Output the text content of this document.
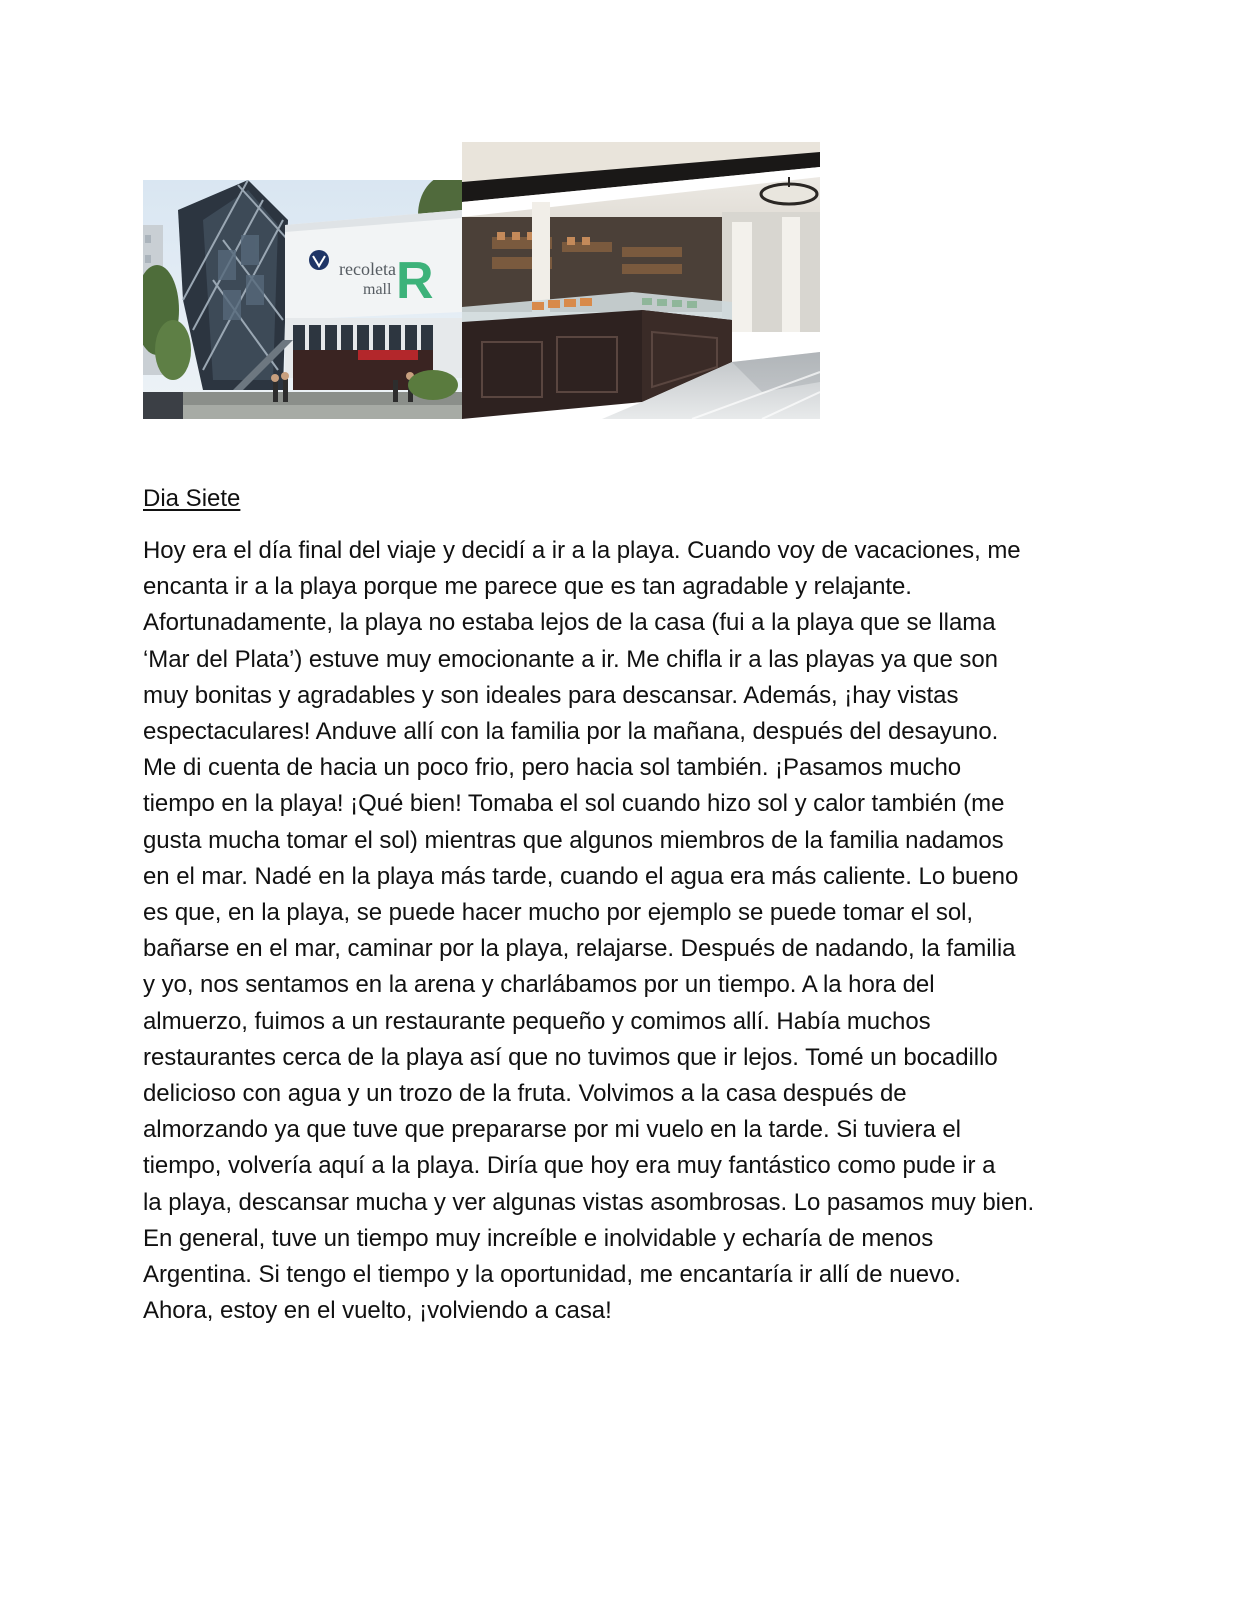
recoleta
mall R
Dia Siete

Hoy era el día final del viaje y decidí a ir a la playa. Cuando voy de vacaciones, me
encanta ir a la playa porque me parece que es tan agradable y relajante.
Afortunadamente, la playa no estaba lejos de la casa (fui a la playa que se llama
‘Mar del Plata’) estuve muy emocionante a ir. Me chifla ir a las playas ya que son
muy bonitas y agradables y son ideales para descansar. Además, ¡hay vistas
espectaculares! Anduve allí con la familia por la mañana, después del desayuno.
Me di cuenta de hacia un poco frio, pero hacia sol también. ¡Pasamos mucho
tiempo en la playa! ¡Qué bien! Tomaba el sol cuando hizo sol y calor también (me
gusta mucha tomar el sol) mientras que algunos miembros de la familia nadamos
en el mar. Nadé en la playa más tarde, cuando el agua era más caliente. Lo bueno
es que, en la playa, se puede hacer mucho por ejemplo se puede tomar el sol,
bañarse en el mar, caminar por la playa, relajarse. Después de nadando, la familia
y yo, nos sentamos en la arena y charlábamos por un tiempo. A la hora del
almuerzo, fuimos a un restaurante pequeño y comimos allí. Había muchos
restaurantes cerca de la playa así que no tuvimos que ir lejos. Tomé un bocadillo
delicioso con agua y un trozo de la fruta. Volvimos a la casa después de
almorzando ya que tuve que prepararse por mi vuelo en la tarde. Si tuviera el
tiempo, volvería aquí a la playa. Diría que hoy era muy fantástico como pude ir a
la playa, descansar mucha y ver algunas vistas asombrosas. Lo pasamos muy bien.
En general, tuve un tiempo muy increíble e inolvidable y echaría de menos
Argentina. Si tengo el tiempo y la oportunidad, me encantaría ir allí de nuevo.
Ahora, estoy en el vuelto, ¡volviendo a casa!
